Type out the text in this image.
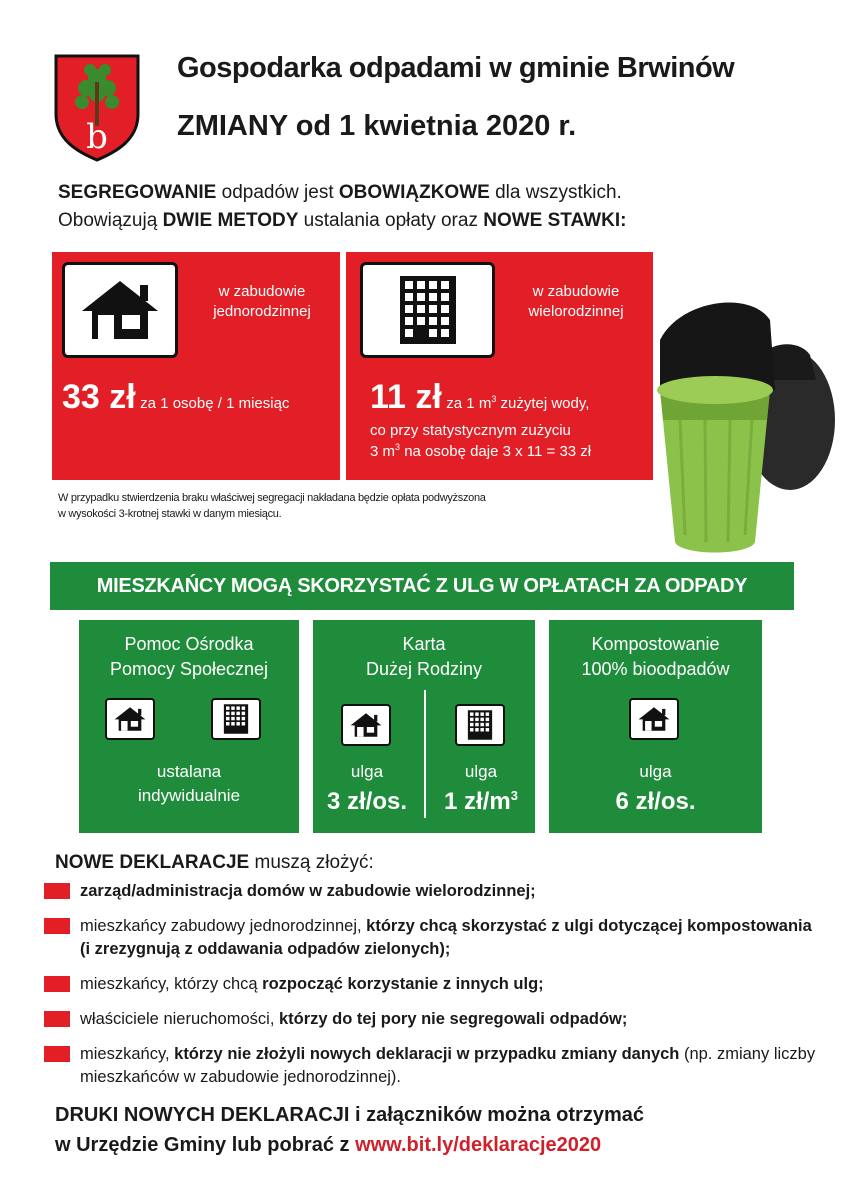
b
Gospodarka odpadami w gminie Brwinów
ZMIANY od 1 kwietnia 2020 r.
SEGREGOWANIE odpadów jest OBOWIĄZKOWE dla wszystkich.
Obowiązują DWIE METODY ustalania opłaty oraz NOWE STAWKI:
w zabudowie
jednorodzinnej
33 zł za 1 osobę / 1 miesiąc
w zabudowie
wielorodzinnej
11 zł za 1 $m^3$ zużytej wody,
co przy statystycznym zużyciu
3 $m^3$ na osobę daje 3 x 11 = 33 zł
W przypadku stwierdzenia braku właściwej segregacji nakładana będzie opłata podwyższona
w wysokości 3-krotnej stawki w danym miesiącu.
MIESZKAŃCY MOGĄ SKORZYSTAĆ Z ULG W OPŁATACH ZA ODPADY
Pomoc Ośrodka
Pomocy Społecznej
ustalana
indywidualnie
Karta
Dużej Rodziny
ulga
3 zł/os.
ulga
1 $zł/m^3$
Kompostowanie
100% bioodpadów
ulga
6 zł/os.
NOWE DEKLARACJE muszą złożyć:
zarząd/administracja domów w zabudowie wielorodzinnej;
mieszkańcy zabudowy jednorodzinnej, którzy chcą skorzystać z ulgi dotyczącej kompostowania (i zrezygnują z oddawania odpadów zielonych);
mieszkańcy, którzy chcą rozpocząć korzystanie z innych ulg;
właściciele nieruchomości, którzy do tej pory nie segregowali odpadów;
mieszkańcy, którzy nie złożyli nowych deklaracji w przypadku zmiany danych (np. zmiany liczby mieszkańców w zabudowie jednorodzinnej).
DRUKI NOWYCH DEKLARACJI i załączników można otrzymać
w Urzędzie Gminy lub pobrać z www.bit.ly/deklaracje2020
